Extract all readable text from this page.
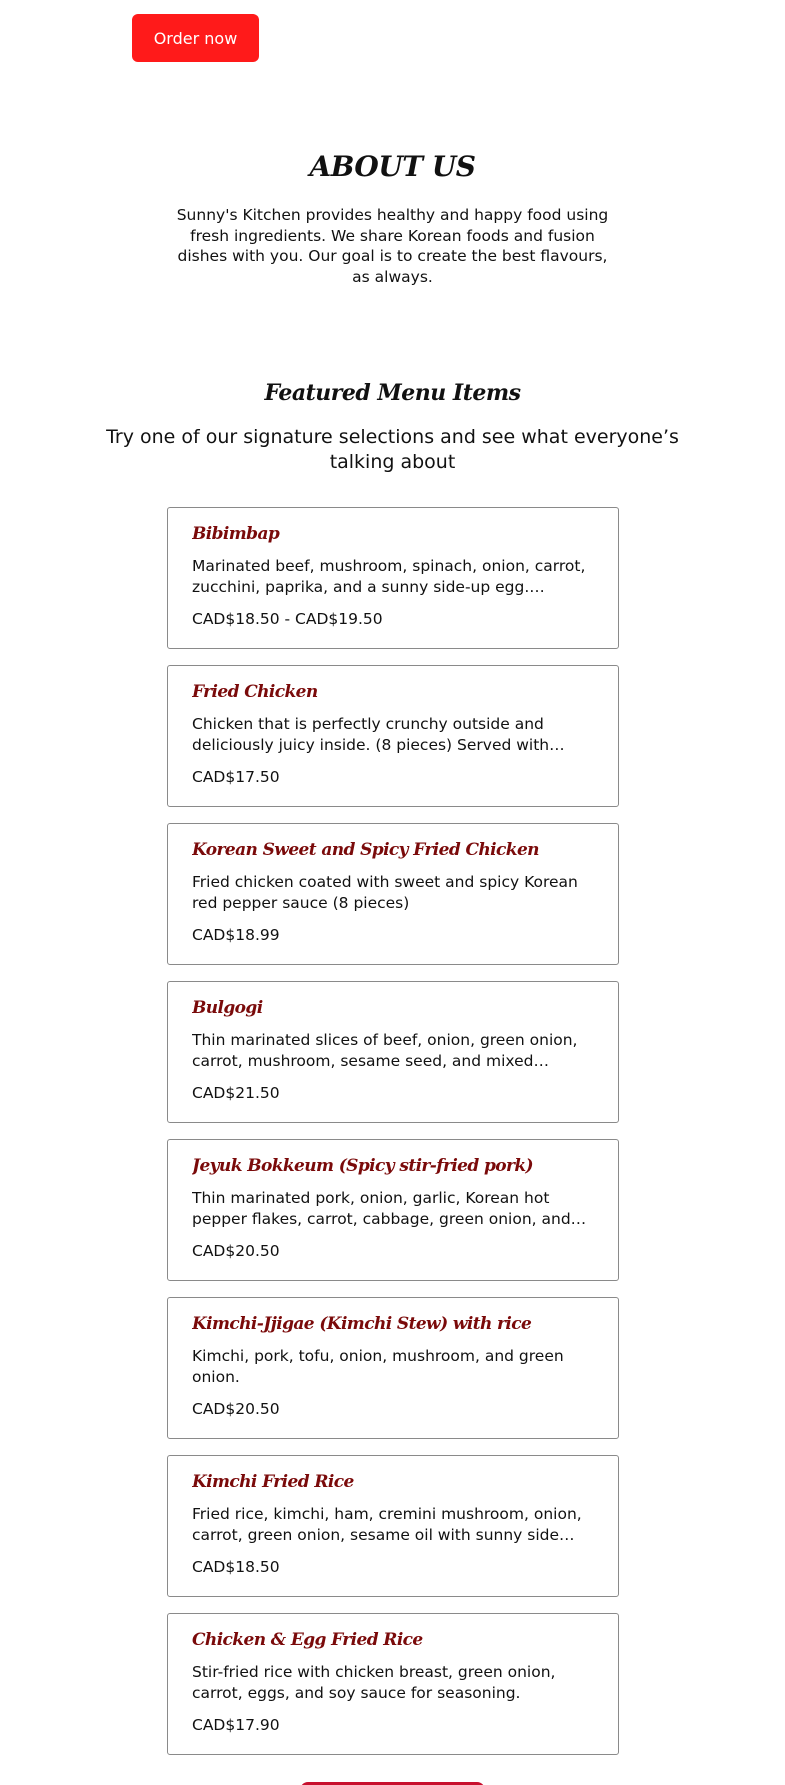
Order now
ABOUT US

Sunny's Kitchen provides healthy and happy food using fresh ingredients. We share Korean foods and fusion dishes with you. Our goal is to create the best flavours, as always.

Featured Menu Items

Try one of our signature selections and see what everyone’s talking about

Bibimbap
Marinated beef, mushroom, spinach, onion, carrot, zucchini, paprika, and a sunny side-up egg.
CAD$18.50 - CAD$19.50
Fried Chicken
Chicken that is perfectly crunchy outside and deliciously juicy inside. (8 pieces) Served with
CAD$17.50
Korean Sweet and Spicy Fried Chicken
Fried chicken coated with sweet and spicy Korean red pepper sauce (8 pieces)
CAD$18.99
Bulgogi
Thin marinated slices of beef, onion, green onion, carrot, mushroom, sesame seed, and mixed
CAD$21.50
Jeyuk Bokkeum (Spicy stir-fried pork)
Thin marinated pork, onion, garlic, Korean hot pepper flakes, carrot, cabbage, green onion, and
CAD$20.50
Kimchi-Jjigae (Kimchi Stew) with rice
Kimchi, pork, tofu, onion, mushroom, and green onion.
CAD$20.50
Kimchi Fried Rice
Fried rice, kimchi, ham, cremini mushroom, onion, carrot, green onion, sesame oil with sunny side
CAD$18.50
Chicken & Egg Fried Rice
Stir-fried rice with chicken breast, green onion, carrot, eggs, and soy sauce for seasoning.
CAD$17.90
